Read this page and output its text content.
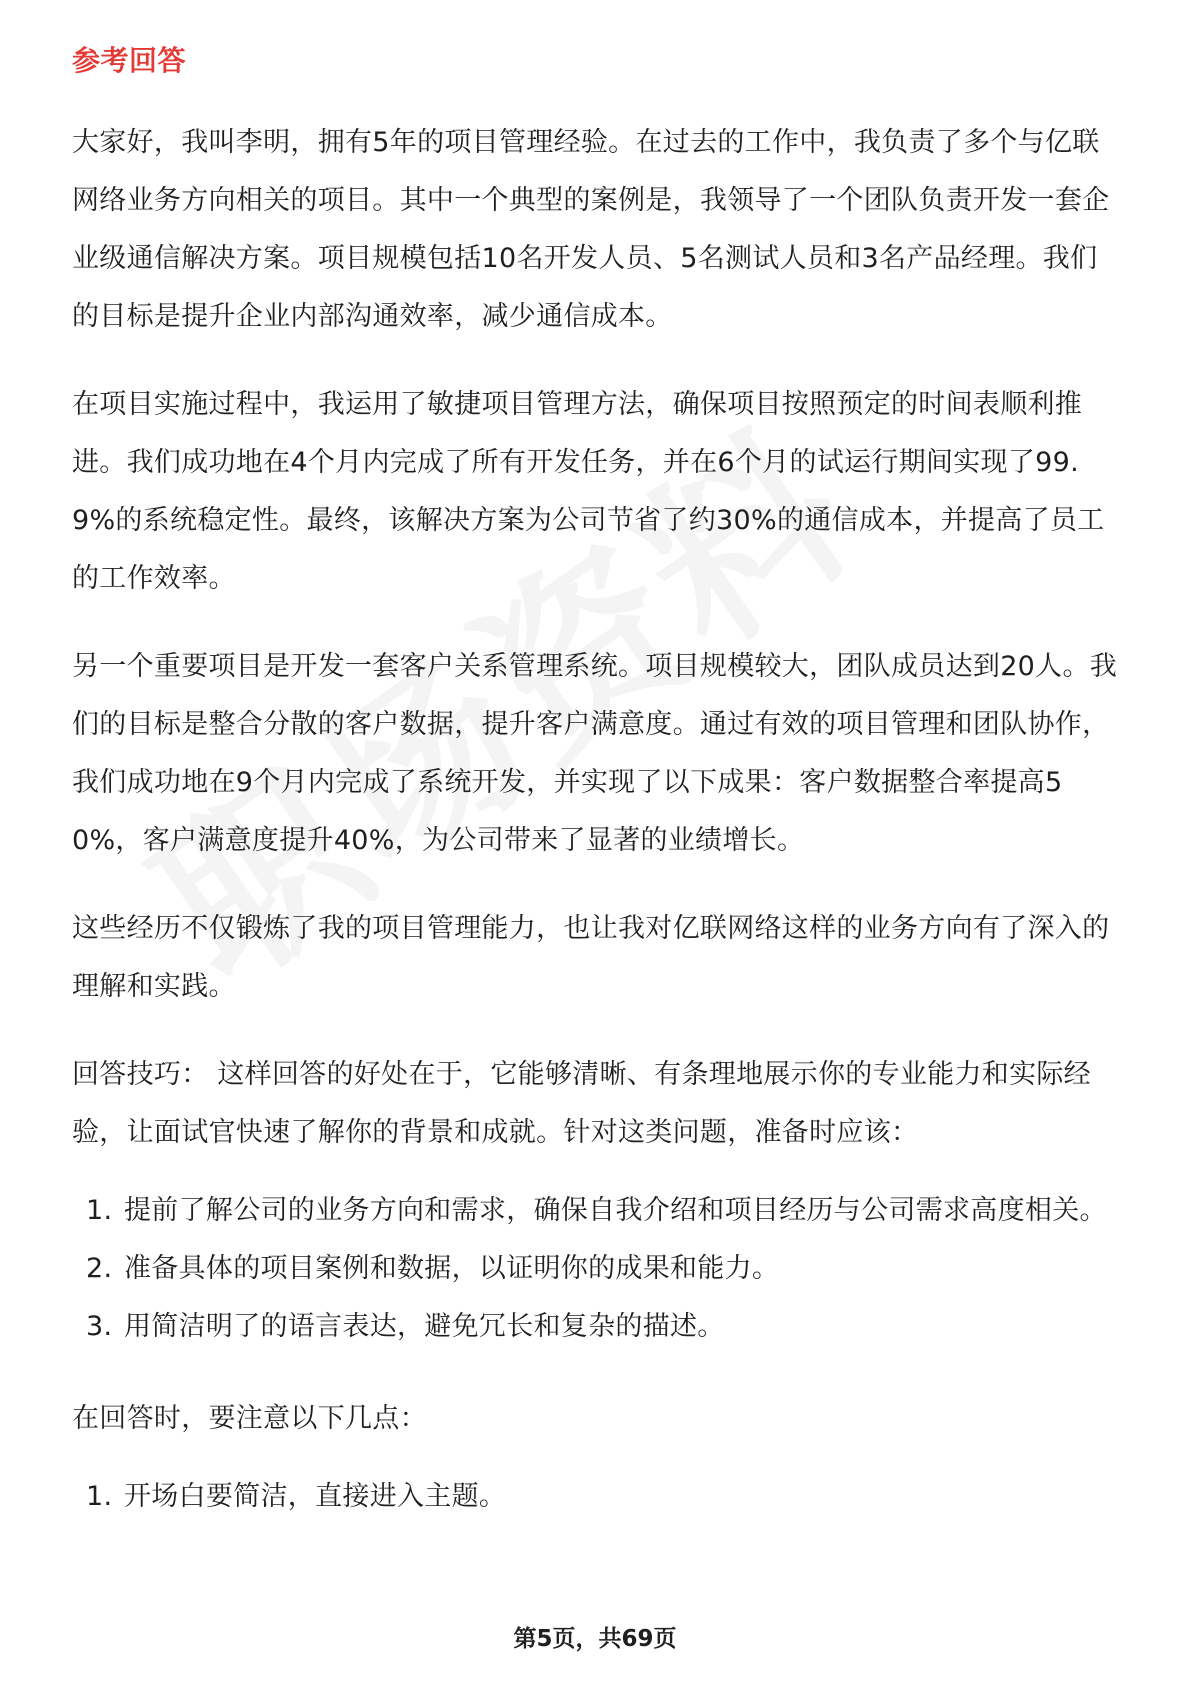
参考回答

大家好，我叫李明，拥有5年的项目管理经验。在过去的工作中，我负责了多个与亿联网络业务方向相关的项目。其中一个典型的案例是，我领导了一个团队负责开发一套企业级通信解决方案。项目规模包括10名开发人员、5名测试人员和3名产品经理。我们的目标是提升企业内部沟通效率，减少通信成本。

在项目实施过程中，我运用了敏捷项目管理方法，确保项目按照预定的时间表顺利推进。我们成功地在4个月内完成了所有开发任务，并在6个月的试运行期间实现了99.9%的系统稳定性。最终，该解决方案为公司节省了约30%的通信成本，并提高了员工的工作效率。

另一个重要项目是开发一套客户关系管理系统。项目规模较大，团队成员达到20人。我们的目标是整合分散的客户数据，提升客户满意度。通过有效的项目管理和团队协作，我们成功地在9个月内完成了系统开发，并实现了以下成果：客户数据整合率提高50%，客户满意度提升40%，为公司带来了显著的业绩增长。

这些经历不仅锻炼了我的项目管理能力，也让我对亿联网络这样的业务方向有了深入的理解和实践。

回答技巧： 这样回答的好处在于，它能够清晰、有条理地展示你的专业能力和实际经验，让面试官快速了解你的背景和成就。针对这类问题，准备时应该：

1. 提前了解公司的业务方向和需求，确保自我介绍和项目经历与公司需求高度相关。
2. 准备具体的项目案例和数据，以证明你的成果和能力。
3. 用简洁明了的语言表达，避免冗长和复杂的描述。

在回答时，要注意以下几点：

1. 开场白要简洁，直接进入主题。
第5页，共69页
